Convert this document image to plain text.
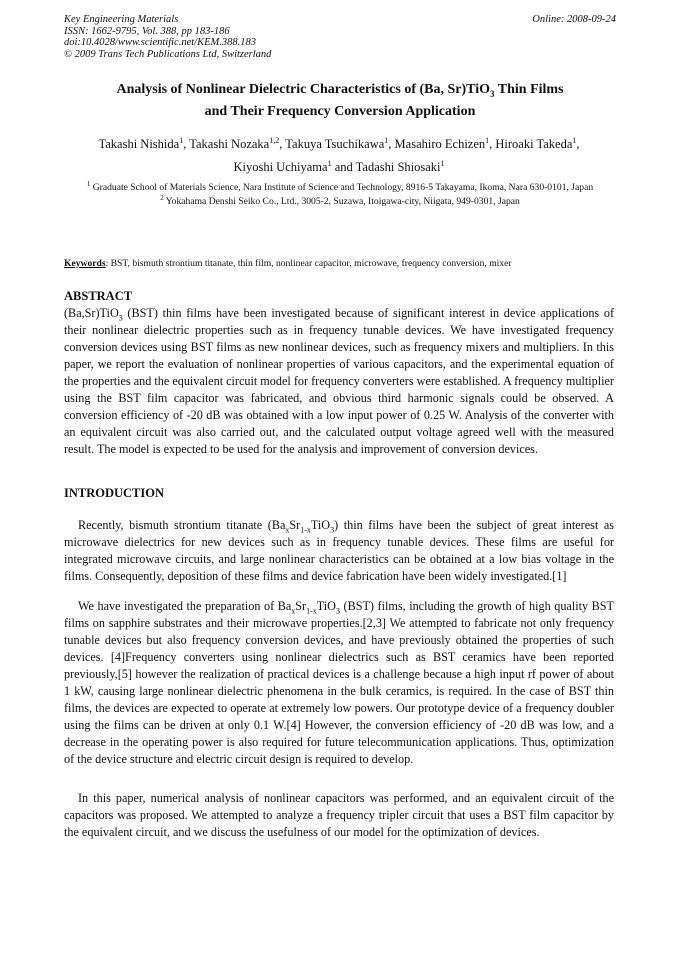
Key Engineering Materials
ISSN: 1662-9795, Vol. 388, pp 183-186
doi:10.4028/www.scientific.net/KEM.388.183
© 2009 Trans Tech Publications Ltd, Switzerland
Online: 2008-09-24
Analysis of Nonlinear Dielectric Characteristics of (Ba, Sr)TiO$_3$ Thin Films
and Their Frequency Conversion Application
Takashi Nishida$^1$, Takashi Nozaka$^{1,2}$, Takuya Tsuchikawa$^1$, Masahiro Echizen$^1$, Hiroaki Takeda$^1$,
Kiyoshi Uchiyama$^1$ and Tadashi Shiosaki$^1$
$^1$ Graduate School of Materials Science, Nara Institute of Science and Technology, 8916-5 Takayama, Ikoma, Nara 630-0101, Japan
$^2$ Yokahama Denshi Seiko Co., Ltd., 3005-2, Suzawa, Itoigawa-city, Niigata, 949-0301, Japan
Keywords: BST, bismuth strontium titanate, thin film, nonlinear capacitor, microwave, frequency conversion, mixer
ABSTRACT
(Ba,Sr)TiO$_3$ (BST) thin films have been investigated because of significant interest in device applications of their nonlinear dielectric properties such as in frequency tunable devices. We have investigated frequency conversion devices using BST films as new nonlinear devices, such as frequency mixers and multipliers. In this paper, we report the evaluation of nonlinear properties of various capacitors, and the experimental equation of the properties and the equivalent circuit model for frequency converters were established. A frequency multiplier using the BST film capacitor was fabricated, and obvious third harmonic signals could be observed. A conversion efficiency of -20 dB was obtained with a low input power of 0.25 W. Analysis of the converter with an equivalent circuit was also carried out, and the calculated output voltage agreed well with the measured result. The model is expected to be used for the analysis and improvement of conversion devices.
INTRODUCTION
Recently, bismuth strontium titanate $(Ba_xSr_{1-x}TiO_3)$ thin films have been the subject of great interest as microwave dielectrics for new devices such as in frequency tunable devices. These films are useful for integrated microwave circuits, and large nonlinear characteristics can be obtained at a low bias voltage in the films. Consequently, deposition of these films and device fabrication have been widely investigated.[1]
We have investigated the preparation of $Ba_xSr_{1-x}TiO_3$ (BST) films, including the growth of high quality BST films on sapphire substrates and their microwave properties.[2,3] We attempted to fabricate not only frequency tunable devices but also frequency conversion devices, and have previously obtained the properties of such devices. [4]Frequency converters using nonlinear dielectrics such as BST ceramics have been reported previously,[5] however the realization of practical devices is a challenge because a high input rf power of about 1 kW, causing large nonlinear dielectric phenomena in the bulk ceramics, is required. In the case of BST thin films, the devices are expected to operate at extremely low powers. Our prototype device of a frequency doubler using the films can be driven at only 0.1 W.[4] However, the conversion efficiency of -20 dB was low, and a decrease in the operating power is also required for future telecommunication applications. Thus, optimization of the device structure and electric circuit design is required to develop.
In this paper, numerical analysis of nonlinear capacitors was performed, and an equivalent circuit of the capacitors was proposed. We attempted to analyze a frequency tripler circuit that uses a BST film capacitor by the equivalent circuit, and we discuss the usefulness of our model for the optimization of devices.
